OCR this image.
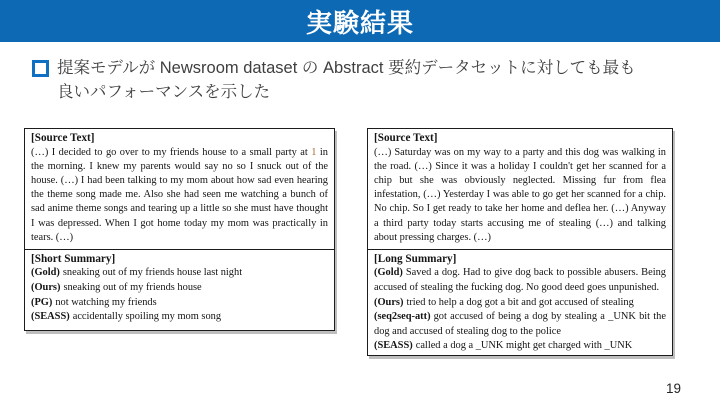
実験結果
提案モデルが Newsroom dataset の Abstract 要約データセットに対しても最も
良いパフォーマンスを示した
[Source Text]

(…) I decided to go over to my friends house to a small party at 1 in the morning. I knew my parents would say no so I snuck out of the house. (…) I had been talking to my mom about how sad even hearing the theme song made me. Also she had seen me watching a bunch of sad anime theme songs and tearing up a little so she must have thought I was depressed. When I got home today my mom was practically in tears. (…)

[Short Summary]
(Gold) sneaking out of my friends house last night
(Ours) sneaking out of my friends house
(PG) not watching my friends
(SEASS) accidentally spoiling my mom song
[Source Text]

(…) Saturday was on my way to a party and this dog was walking in the road. (…) Since it was a holiday I couldn't get her scanned for a chip but she was obviously neglected. Missing fur from flea infestation, (…) Yesterday I was able to go get her scanned for a chip. No chip. So I get ready to take her home and deflea her. (…) Anyway a third party today starts accusing me of stealing (…) and talking about pressing charges. (…)

[Long Summary]
(Gold) Saved a dog. Had to give dog back to possible abusers. Being accused of stealing the fucking dog. No good deed goes unpunished.
(Ours) tried to help a dog got a bit and got accused of stealing
(seq2seq-att) got accused of being a dog by stealing a _UNK bit the dog and accused of stealing dog to the police
(SEASS) called a dog a _UNK might get charged with _UNK
19
